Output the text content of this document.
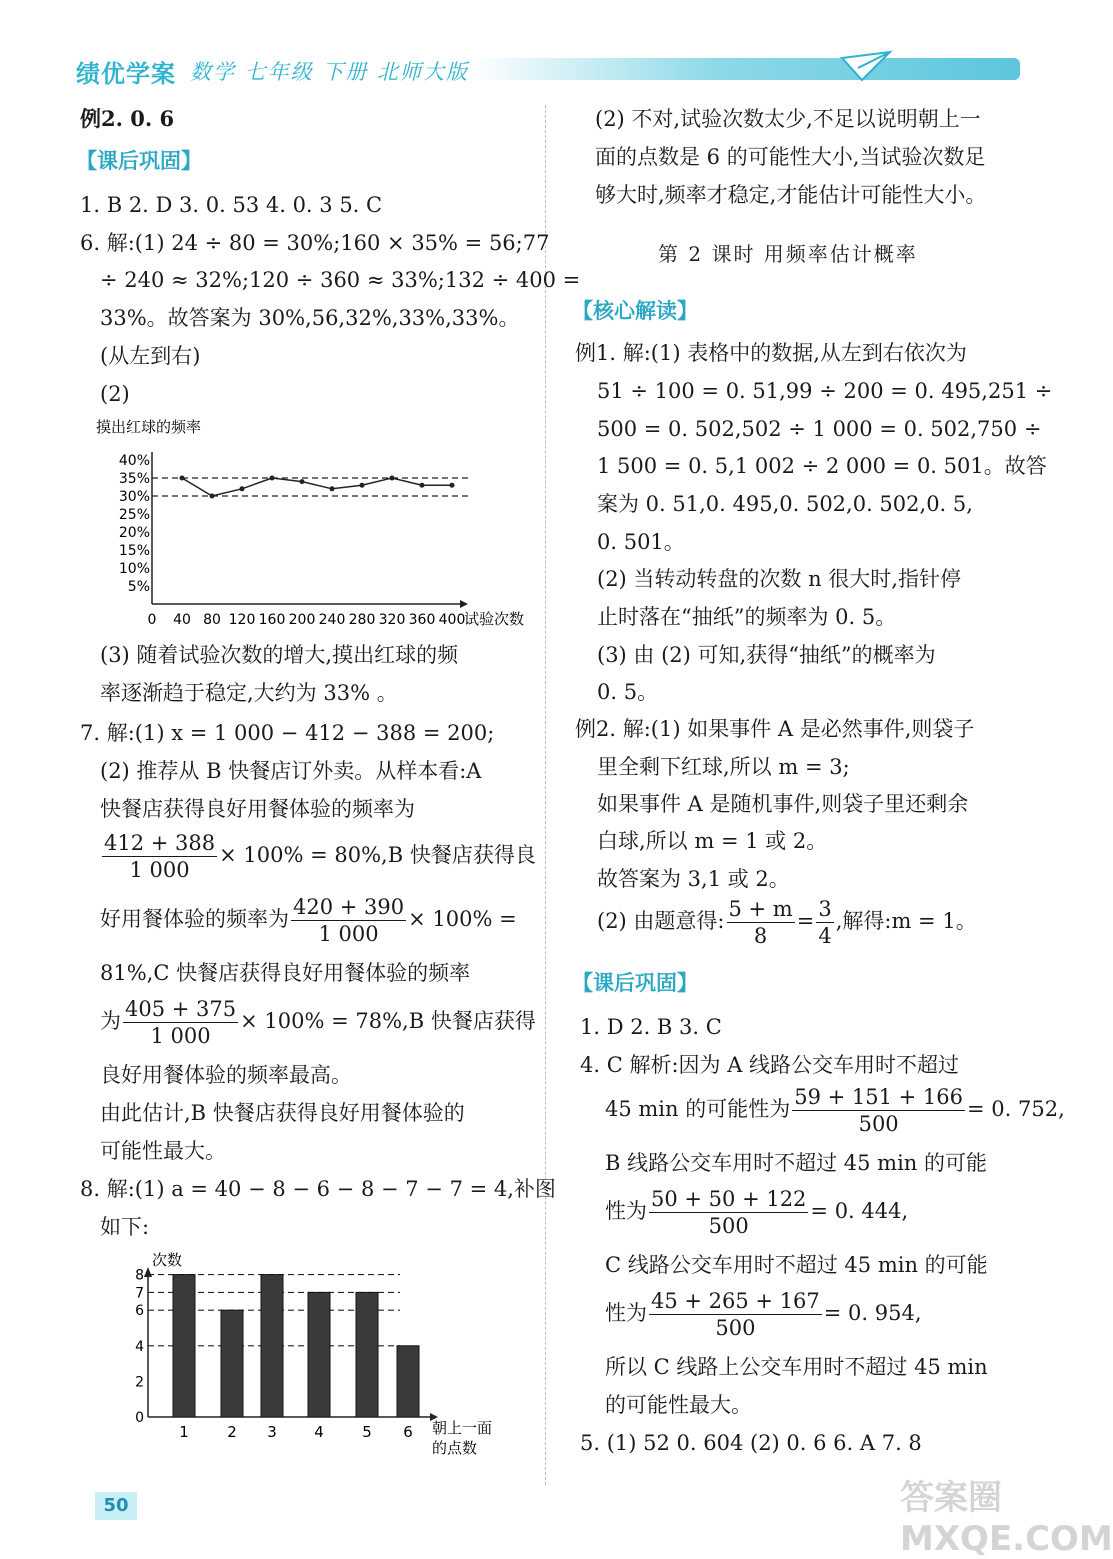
绩优学案 数学 七年级 下册 北师大版
例2. 0. 6
【课后巩固】
1. B 2. D 3. 0. 53 4. 0. 3 5. C
6. 解:(1) 24 ÷ 80 = 30%;160 × 35% = 56;77
÷ 240 ≈ 32%;120 ÷ 360 ≈ 33%;132 ÷ 400 =
33%。故答案为 30%,56,32%,33%,33%。
(从左到右)
(2)
摸出红球的频率
5%
10%
15%
20%
25%
30%
35%
40%
0 40 80 120 160 200 240 280 320 360 400
试验次数
(3) 随着试验次数的增大,摸出红球的频
率逐渐趋于稳定,大约为 33% 。
7. 解:(1) x = 1 000 − 412 − 388 = 200;
(2) 推荐从 B 快餐店订外卖。从样本看:A
快餐店获得良好用餐体验的频率为
$\frac{412 + 388}{1 000} \times 100\% = 80\%,B$ 快餐店获得良
好用餐体验的频率为 $\frac{420 + 390}{1 000} \times 100\%$ =
81%,C 快餐店获得良好用餐体验的频率
为 $\frac{405 + 375}{1 000} \times 100\% = 78\%,B$ 快餐店获得
良好用餐体验的频率最高。
由此估计,B 快餐店获得良好用餐体验的
可能性最大。
8. 解:(1) a = 40 − 8 − 6 − 8 − 7 − 7 = 4,补图
如下:
次数
0
2
4
6
7
8
1	2 3 4	5 6 朝上一面
的点数
(2) 不对,试验次数太少,不足以说明朝上一
面的点数是 6 的可能性大小,当试验次数足
够大时,频率才稳定,才能估计可能性大小。
第 2 课时 用频率估计概率
【核心解读】
例1. 解:(1) 表格中的数据,从左到右依次为
51 ÷ 100 = 0. 51,99 ÷ 200 = 0. 495,251 ÷
500 = 0. 502,502 ÷ 1 000 = 0. 502,750 ÷
1 500 = 0. 5,1 002 ÷ 2 000 = 0. 501。故答
案为 0. 51,0. 495,0. 502,0. 502,0. 5,
0. 501。
(2) 当转动转盘的次数 n 很大时,指针停
止时落在“抽纸”的频率为 0. 5。
(3) 由 (2) 可知,获得“抽纸”的概率为
0. 5。
例2. 解:(1) 如果事件 A 是必然事件,则袋子
里全剩下红球,所以 m = 3;
如果事件 A 是随机事件,则袋子里还剩余
白球,所以 m = 1 或 2。
故答案为 3,1 或 2。
(2) 由题意得: $\frac{5 + m}{8} = \frac{3}{4}$ ,解得:m = 1。
【课后巩固】
1. D 2. B 3. C
4. C 解析:因为 A 线路公交车用时不超过
45 min 的可能性为 $\frac{59 + 151 + 166}{500} = 0$. 752,
B 线路公交车用时不超过 45 min 的可能
性为 $\frac{50 + 50 + 122}{500} = 0$. 444,
C 线路公交车用时不超过 45 min 的可能
性为 $\frac{45 + 265 + 167}{500} = 0$. 954,
所以 C 线路上公交车用时不超过 45 min
的可能性最大。
5. (1) 52 0. 604 (2) 0. 6 6. A 7. 8
50	答案圈 MXQE.COM
